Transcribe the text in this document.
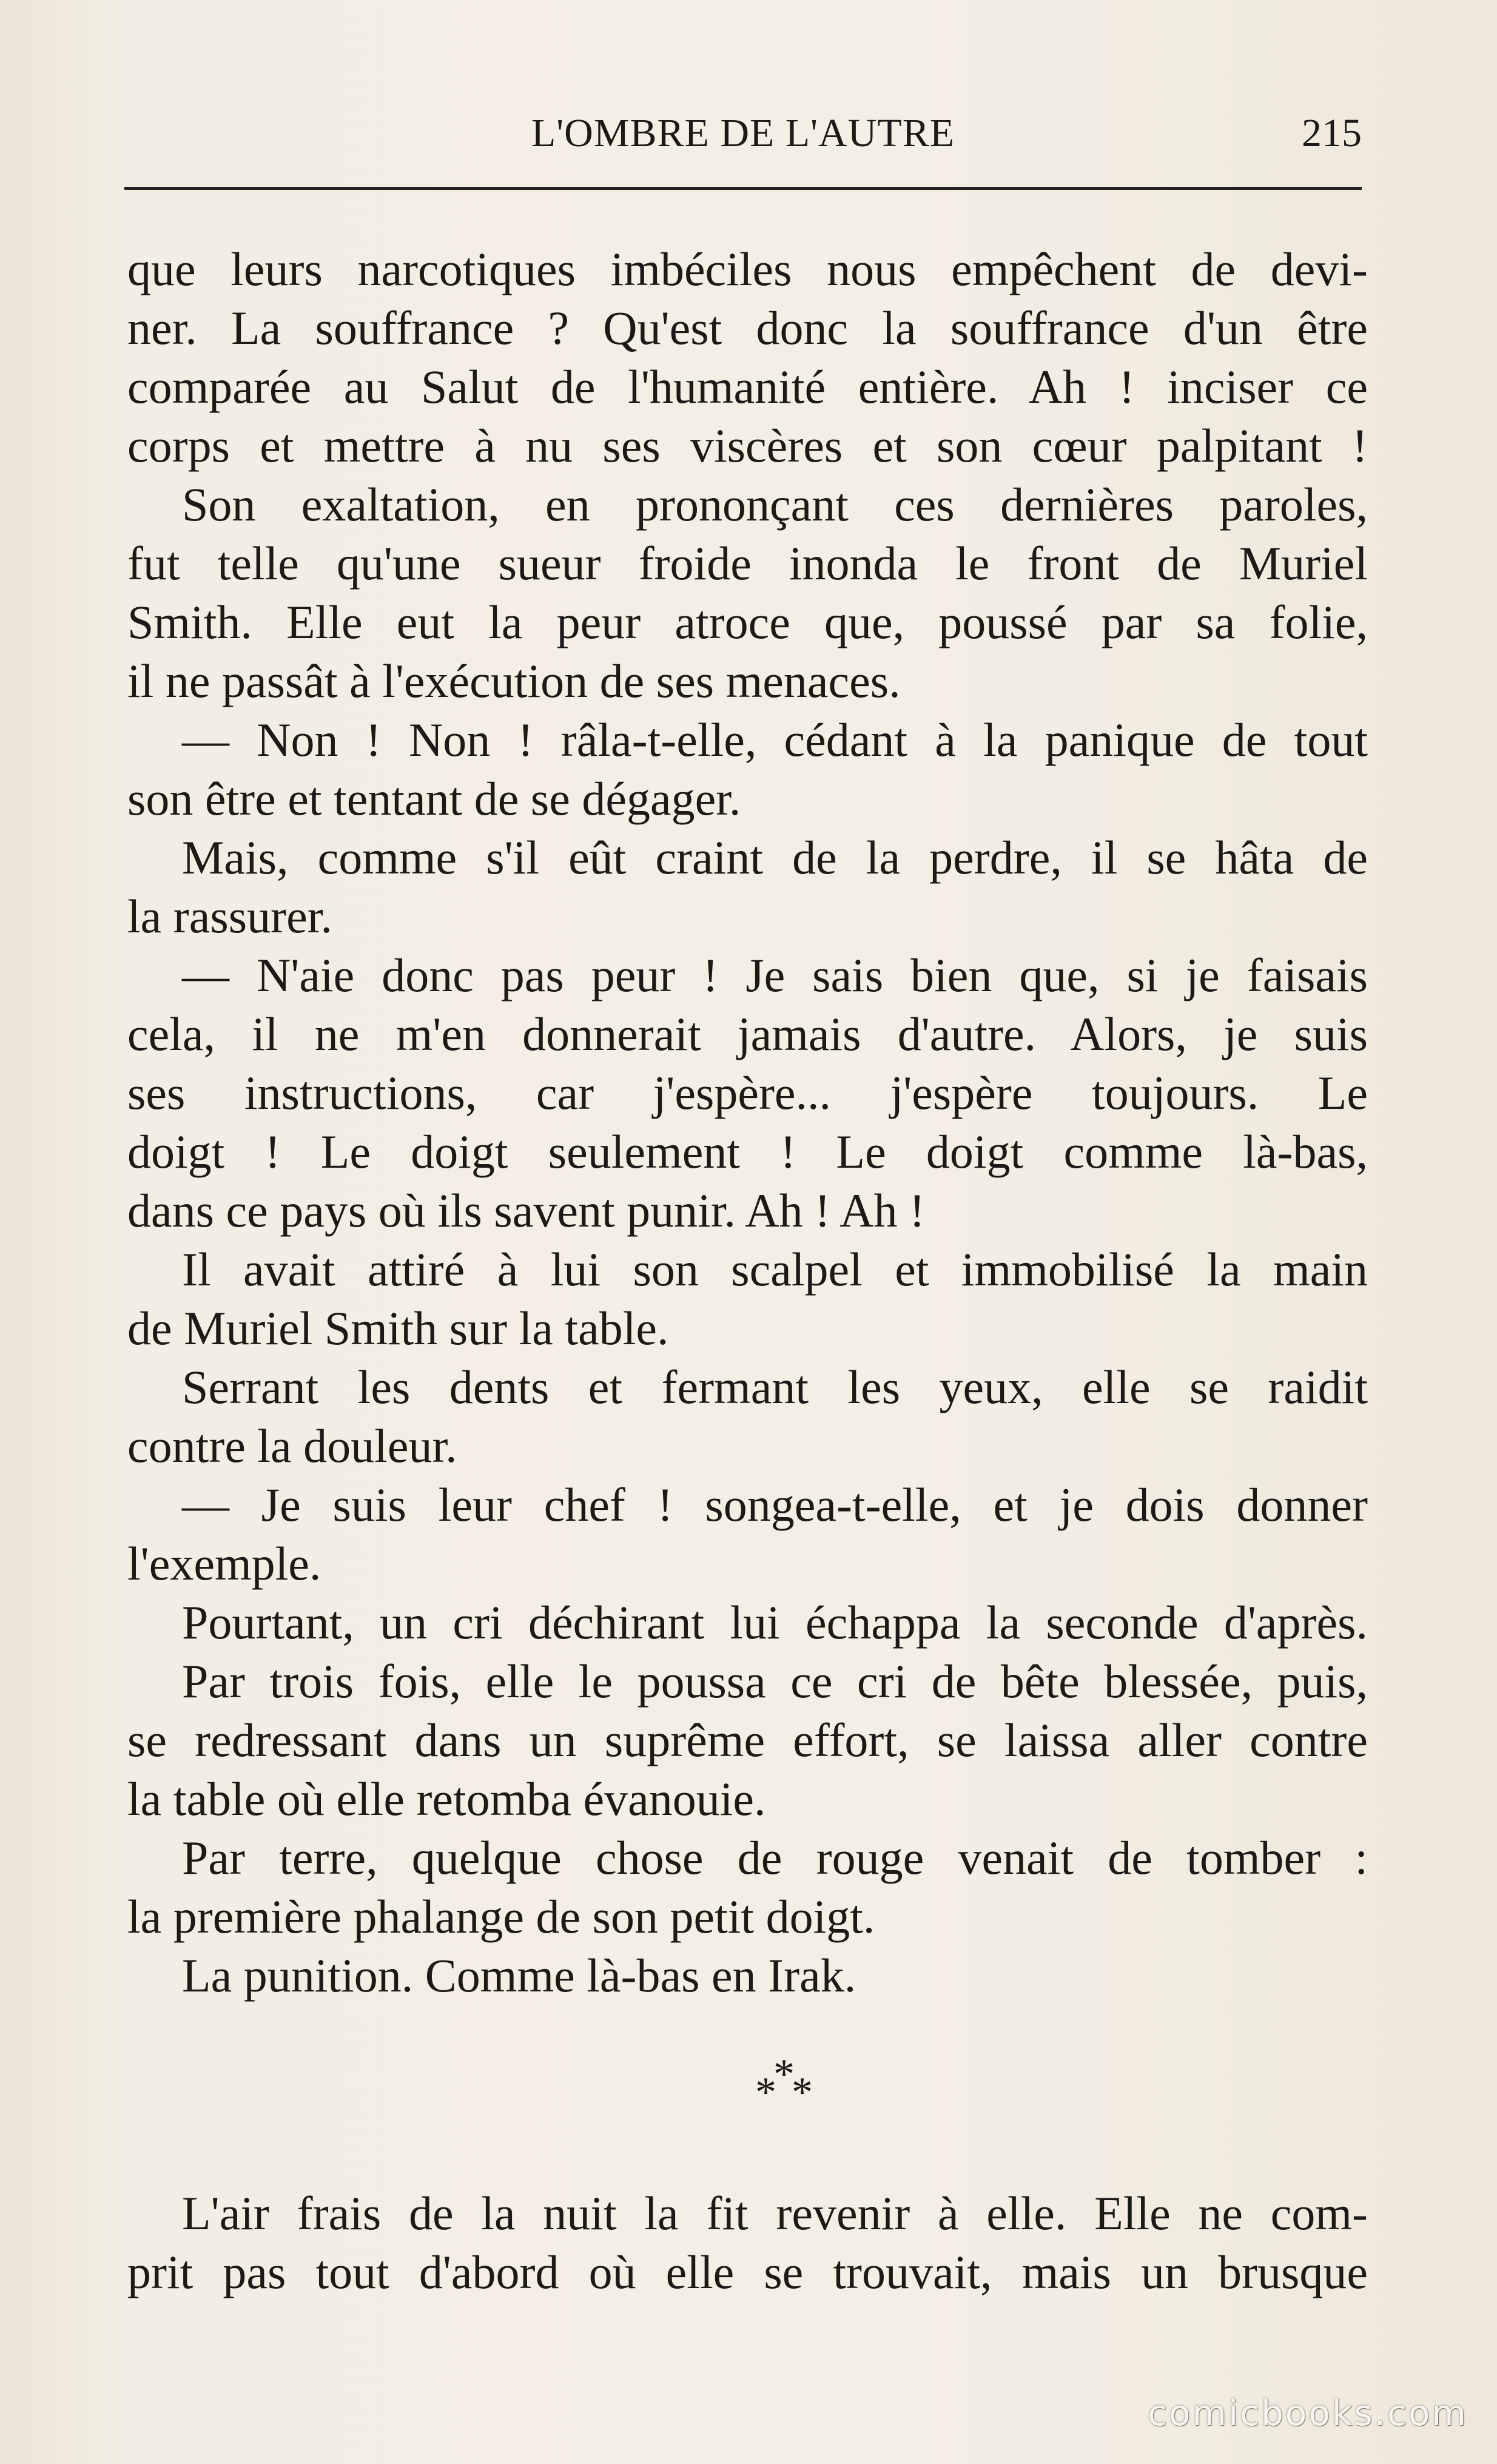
L'OMBRE DE L'AUTRE	215
que leurs narcotiques imbéciles nous empêchent de devi-
ner. La souffrance ? Qu'est donc la souffrance d'un être
comparée au Salut de l'humanité entière. Ah ! inciser ce
corps et mettre à nu ses viscères et son cœur palpitant !
Son exaltation, en prononçant ces dernières paroles,
fut telle qu'une sueur froide inonda le front de Muriel
Smith. Elle eut la peur atroce que, poussé par sa folie,
il ne passât à l'exécution de ses menaces.
— Non ! Non ! râla-t-elle, cédant à la panique de tout
son être et tentant de se dégager.
Mais, comme s'il eût craint de la perdre, il se hâta de
la rassurer.
— N'aie donc pas peur ! Je sais bien que, si je faisais
cela, il ne m'en donnerait jamais d'autre. Alors, je suis
ses instructions, car j'espère... j'espère toujours. Le
doigt ! Le doigt seulement ! Le doigt comme là-bas,
dans ce pays où ils savent punir. Ah ! Ah !
Il avait attiré à lui son scalpel et immobilisé la main
de Muriel Smith sur la table.
Serrant les dents et fermant les yeux, elle se raidit
contre la douleur.
— Je suis leur chef ! songea-t-elle, et je dois donner
l'exemple.
Pourtant, un cri déchirant lui échappa la seconde d'après.
Par trois fois, elle le poussa ce cri de bête blessée, puis,
se redressant dans un suprême effort, se laissa aller contre
la table où elle retomba évanouie.
Par terre, quelque chose de rouge venait de tomber :
la première phalange de son petit doigt.
La punition. Comme là-bas en Irak.
*
*
*
L'air frais de la nuit la fit revenir à elle. Elle ne com-
prit pas tout d'abord où elle se trouvait, mais un brusque
comicbooks.com
